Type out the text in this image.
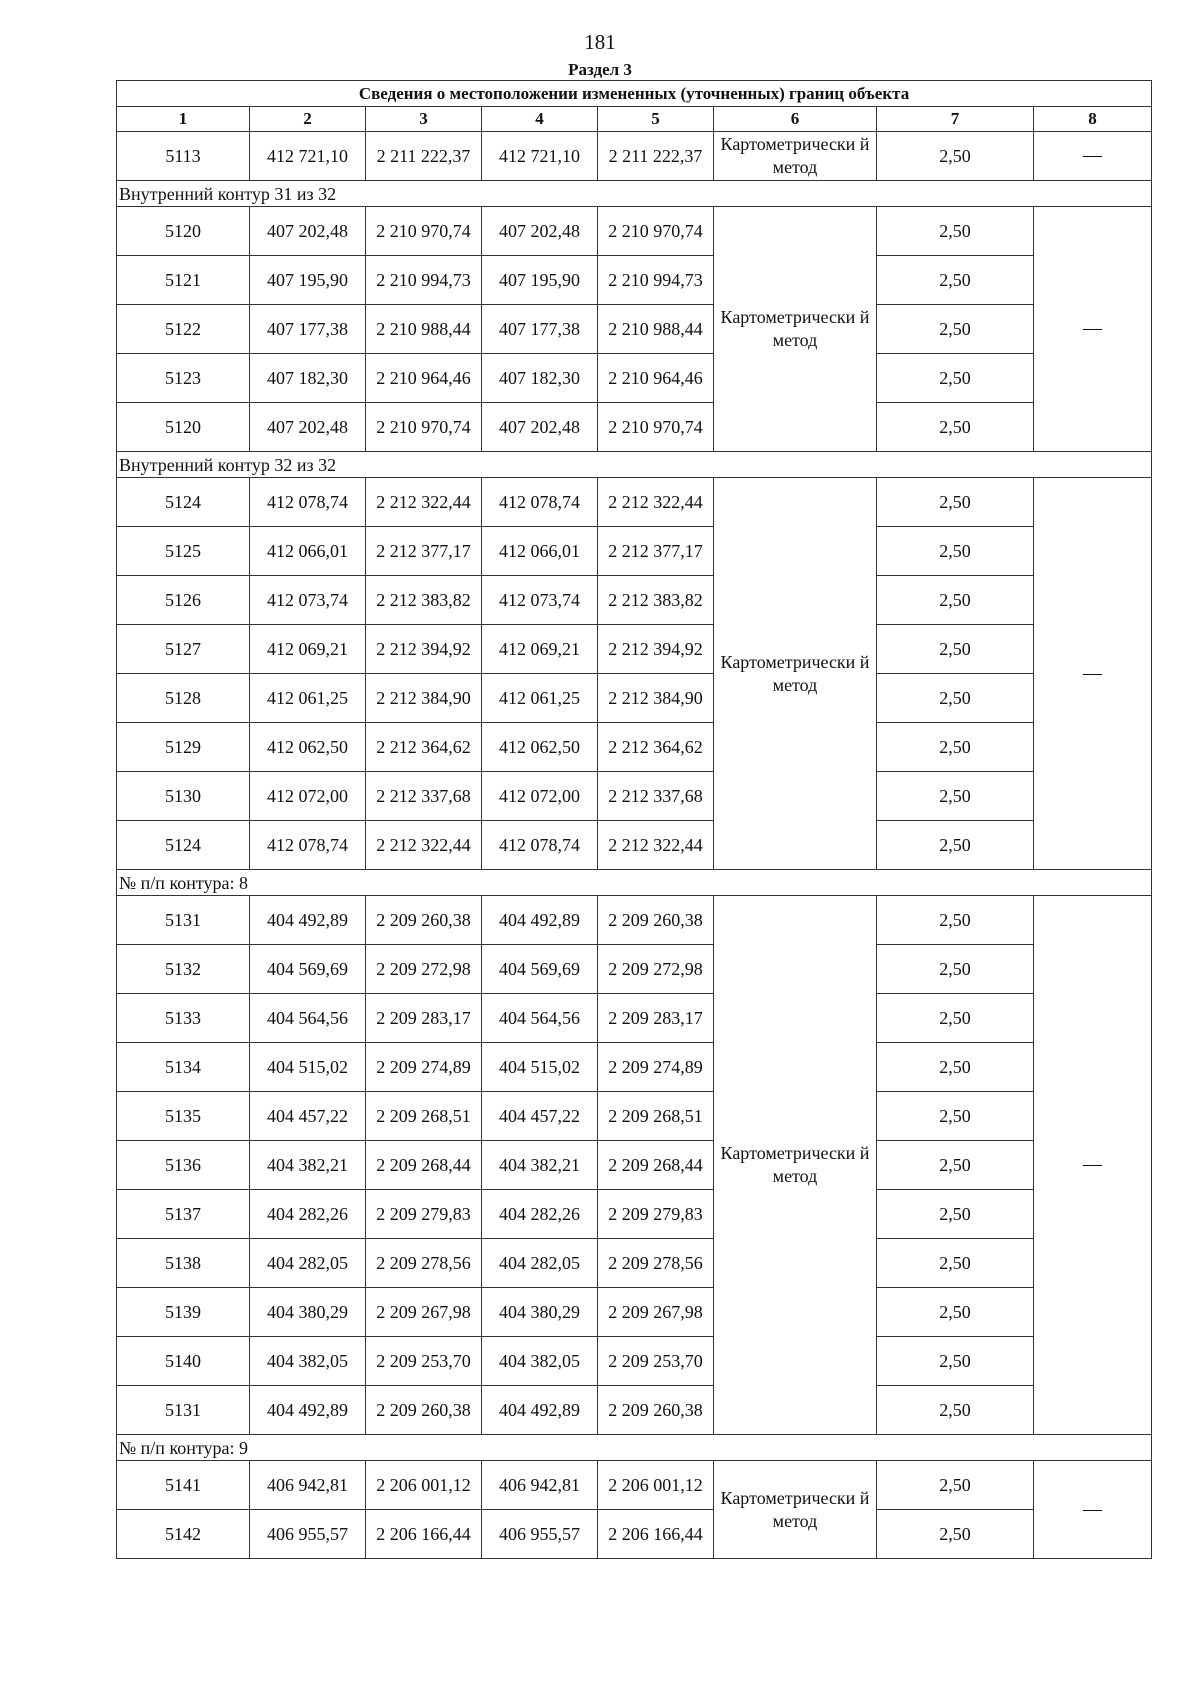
181
Раздел 3
Сведения о местоположении измененных (уточненных) границ объекта							
1	2	3	4	5	6	7	8
5113	412 721,10	2 211 222,37	412 721,10	2 211 222,37	Картометрически й метод	2,50	—
Внутренний контур 31 из 32							
5120	407 202,48	2 210 970,74	407 202,48	2 210 970,74	Картометрически й метод	2,50	—
5121	407 195,90	2 210 994,73	407 195,90	2 210 994,73		2,50	
5122	407 177,38	2 210 988,44	407 177,38	2 210 988,44		2,50	
5123	407 182,30	2 210 964,46	407 182,30	2 210 964,46		2,50	
5120	407 202,48	2 210 970,74	407 202,48	2 210 970,74		2,50	
Внутренний контур 32 из 32							
5124	412 078,74	2 212 322,44	412 078,74	2 212 322,44	Картометрически й метод	2,50	—
5125	412 066,01	2 212 377,17	412 066,01	2 212 377,17		2,50	
5126	412 073,74	2 212 383,82	412 073,74	2 212 383,82		2,50	
5127	412 069,21	2 212 394,92	412 069,21	2 212 394,92		2,50	
5128	412 061,25	2 212 384,90	412 061,25	2 212 384,90		2,50	
5129	412 062,50	2 212 364,62	412 062,50	2 212 364,62		2,50	
5130	412 072,00	2 212 337,68	412 072,00	2 212 337,68		2,50	
5124	412 078,74	2 212 322,44	412 078,74	2 212 322,44		2,50	
№ п/п контура: 8							
5131	404 492,89	2 209 260,38	404 492,89	2 209 260,38	Картометрически й метод	2,50	—
5132	404 569,69	2 209 272,98	404 569,69	2 209 272,98		2,50	
5133	404 564,56	2 209 283,17	404 564,56	2 209 283,17		2,50	
5134	404 515,02	2 209 274,89	404 515,02	2 209 274,89		2,50	
5135	404 457,22	2 209 268,51	404 457,22	2 209 268,51		2,50	
5136	404 382,21	2 209 268,44	404 382,21	2 209 268,44		2,50	
5137	404 282,26	2 209 279,83	404 282,26	2 209 279,83		2,50	
5138	404 282,05	2 209 278,56	404 282,05	2 209 278,56		2,50	
5139	404 380,29	2 209 267,98	404 380,29	2 209 267,98		2,50	
5140	404 382,05	2 209 253,70	404 382,05	2 209 253,70		2,50	
5131	404 492,89	2 209 260,38	404 492,89	2 209 260,38		2,50	
№ п/п контура: 9							
5141	406 942,81	2 206 001,12	406 942,81	2 206 001,12	Картометрически й метод	2,50	—
5142	406 955,57	2 206 166,44	406 955,57	2 206 166,44		2,50	
